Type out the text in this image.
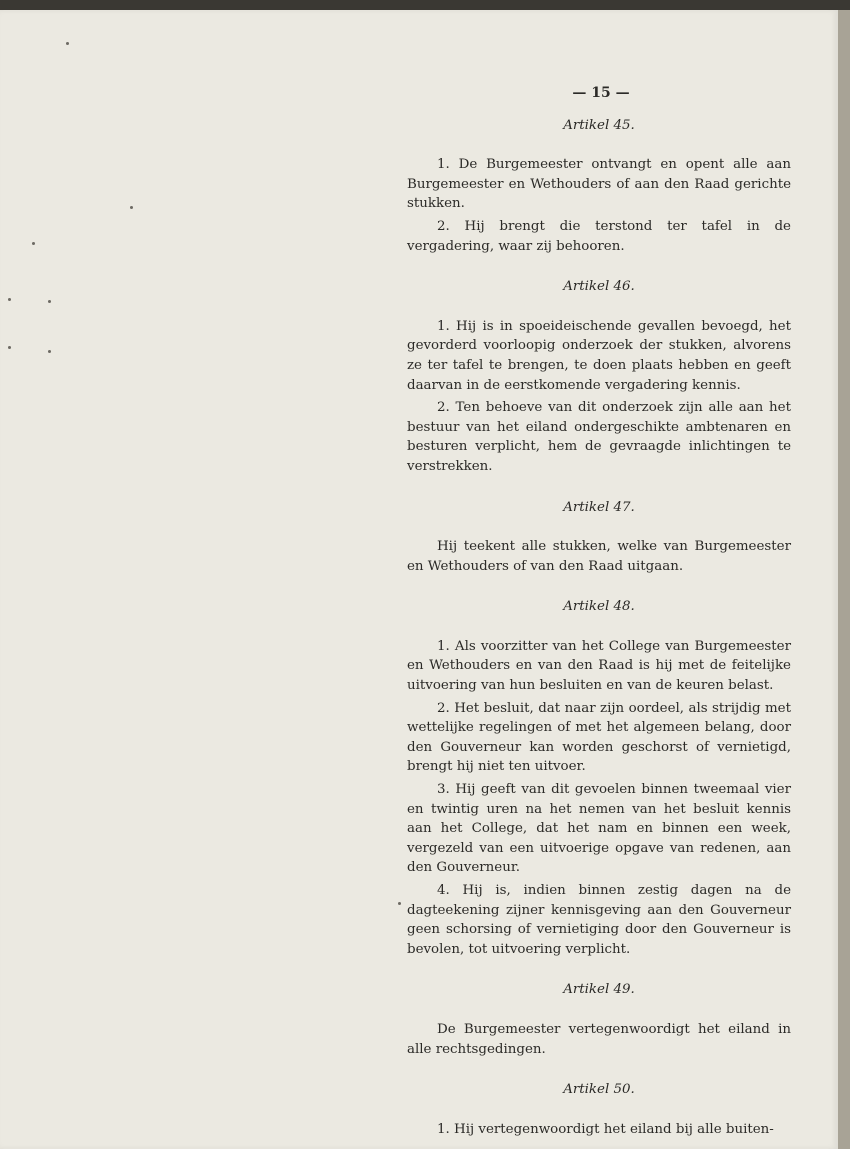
— 15 —
Artikel 45.

1. De Burgemeester ontvangt en opent alle aan Burgemeester en Wethouders of aan den Raad gerichte stukken.

2. Hij brengt die terstond ter tafel in de vergadering, waar zij behooren.

Artikel 46.

1. Hij is in spoeideischende gevallen bevoegd, het gevorderd voorloopig onderzoek der stukken, alvorens ze ter tafel te brengen, te doen plaats hebben en geeft daarvan in de eerstkomende vergadering kennis.

2. Ten behoeve van dit onderzoek zijn alle aan het bestuur van het eiland ondergeschikte ambtenaren en besturen verplicht, hem de gevraagde inlichtingen te verstrekken.

Artikel 47.

Hij teekent alle stukken, welke van Burgemeester en Wethouders of van den Raad uitgaan.

Artikel 48.

1. Als voorzitter van het College van Burgemeester en Wethouders en van den Raad is hij met de feitelijke uitvoering van hun besluiten en van de keuren belast.

2. Het besluit, dat naar zijn oordeel, als strijdig met wettelijke regelingen of met het algemeen belang, door den Gouverneur kan worden geschorst of vernietigd, brengt hij niet ten uitvoer.

3. Hij geeft van dit gevoelen binnen tweemaal vier en twintig uren na het nemen van het besluit kennis aan het College, dat het nam en binnen een week, vergezeld van een uitvoerige opgave van redenen, aan den Gouverneur.

4. Hij is, indien binnen zestig dagen na de dagteekening zijner kennisgeving aan den Gouverneur geen schorsing of vernietiging door den Gouverneur is bevolen, tot uitvoering verplicht.

Artikel 49.

De Burgemeester vertegenwoordigt het eiland in alle rechtsgedingen.

Artikel 50.

1. Hij vertegenwoordigt het eiland bij alle buiten-
